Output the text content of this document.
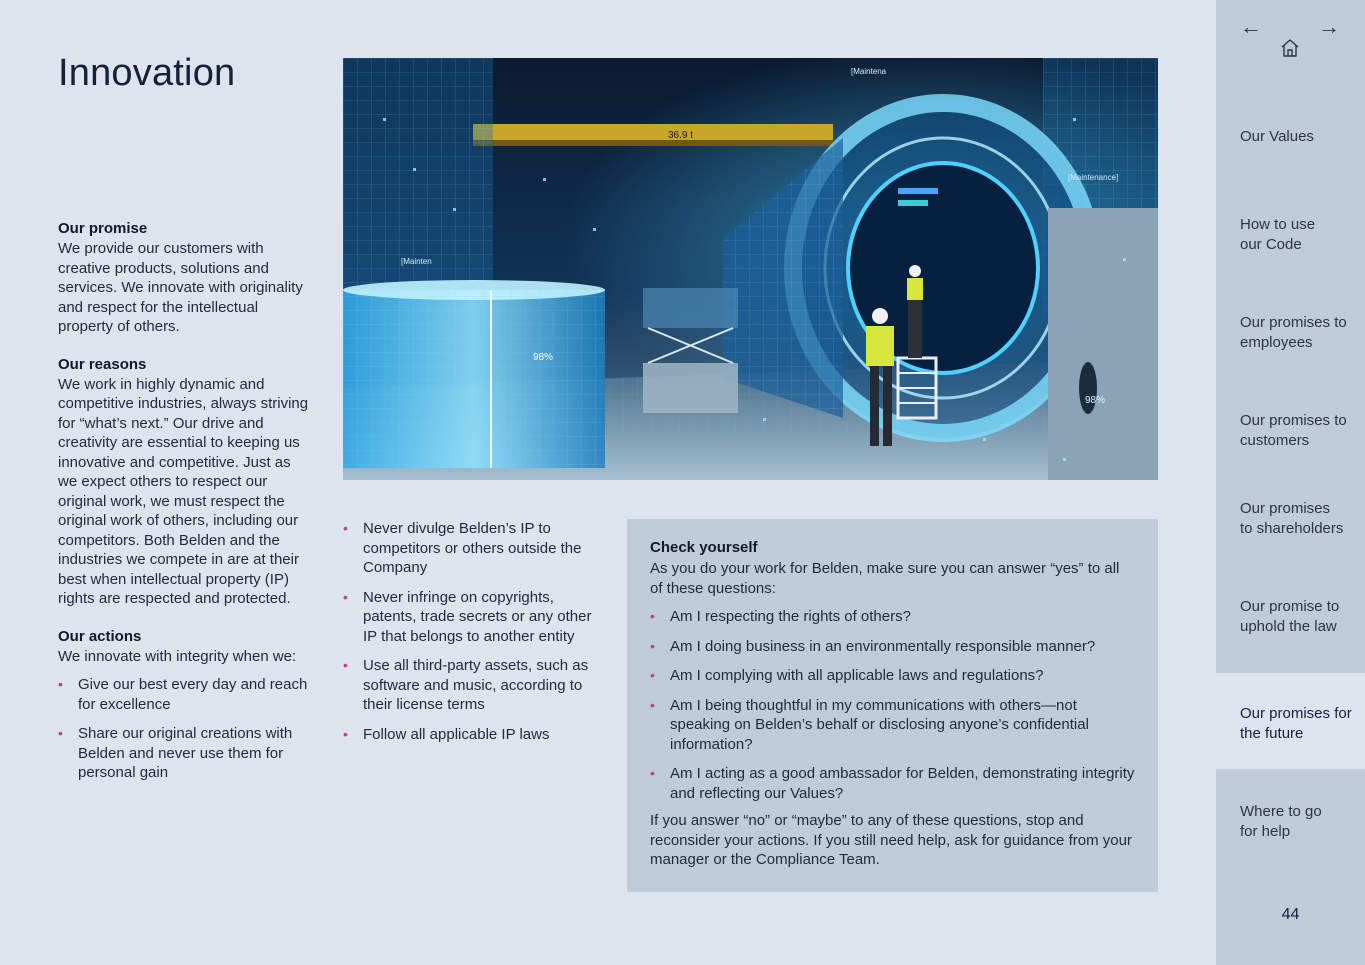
Innovation
Our promise

We provide our customers with creative products, solutions and services. We innovate with originality and respect for the intellectual property of others.

Our reasons

We work in highly dynamic and competitive industries, always striving for “what’s next.” Our drive and creativity are essential to keeping us innovative and competitive. Just as we expect others to respect our original work, we must respect the original work of others, including our competitors. Both Belden and the industries we compete in are at their best when intellectual property (IP) rights are respected and protected.

Our actions

We innovate with integrity when we:

• Give our best every day and reach for excellence
• Share our original creations with Belden and never use them for personal gain
36.9 t
98%
[Maintena
[Maintenance]
[Mainten
98%
• Never divulge Belden’s IP to competitors or others outside the Company
• Never infringe on copyrights, patents, trade secrets or any other IP that belongs to another entity
• Use all third-party assets, such as software and music, according to their license terms
• Follow all applicable IP laws
Check yourself

As you do your work for Belden, make sure you can answer “yes” to all of these questions:

• Am I respecting the rights of others?
• Am I doing business in an environmentally responsible manner?
• Am I complying with all applicable laws and regulations?
• Am I being thoughtful in my communications with others—not speaking on Belden’s behalf or disclosing anyone’s confidential information?
• Am I acting as a good ambassador for Belden, demonstrating integrity and reflecting our Values?

If you answer “no” or “maybe” to any of these questions, stop and reconsider your actions. If you still need help, ask for guidance from your manager or the Compliance Team.

←	→
Our Values
How to use our Code
Our promises to employees
Our promises to customers
Our promises to shareholders
Our promise to uphold the law
Our promises for the future
Where to go for help
44
